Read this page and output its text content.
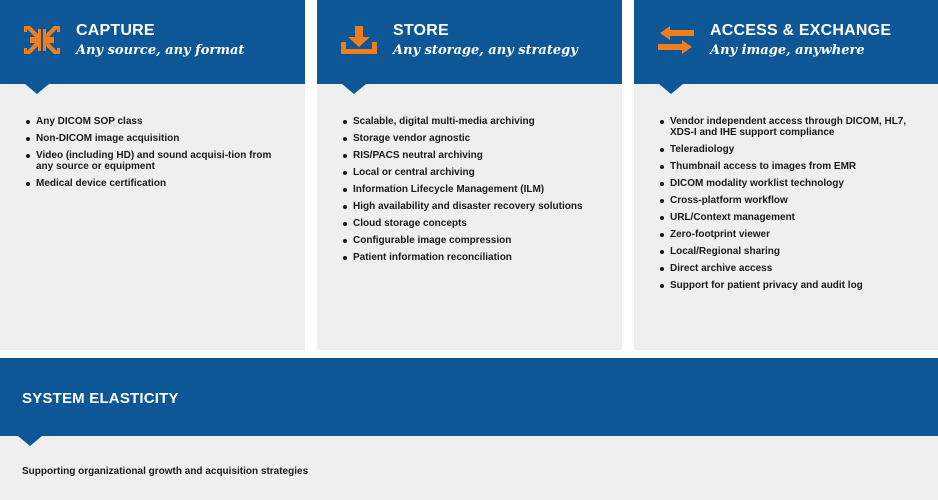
CAPTURE
Any source, any format
Any DICOM SOP class
Non-DICOM image acquisition
Video (including HD) and sound acquisi-tion from any source or equipment
Medical device certification
STORE
Any storage, any strategy
Scalable, digital multi-media archiving
Storage vendor agnostic
RIS/PACS neutral archiving
Local or central archiving
Information Lifecycle Management (ILM)
High availability and disaster recovery solutions
Cloud storage concepts
Configurable image compression
Patient information reconciliation
ACCESS & EXCHANGE
Any image, anywhere
Vendor independent access through DICOM, HL7, XDS-I and IHE support compliance
Teleradiology
Thumbnail access to images from EMR
DICOM modality worklist technology
Cross-platform workflow
URL/Context management
Zero-footprint viewer
Local/Regional sharing
Direct archive access
Support for patient privacy and audit log
SYSTEM ELASTICITY
Supporting organizational growth and acquisition strategies
